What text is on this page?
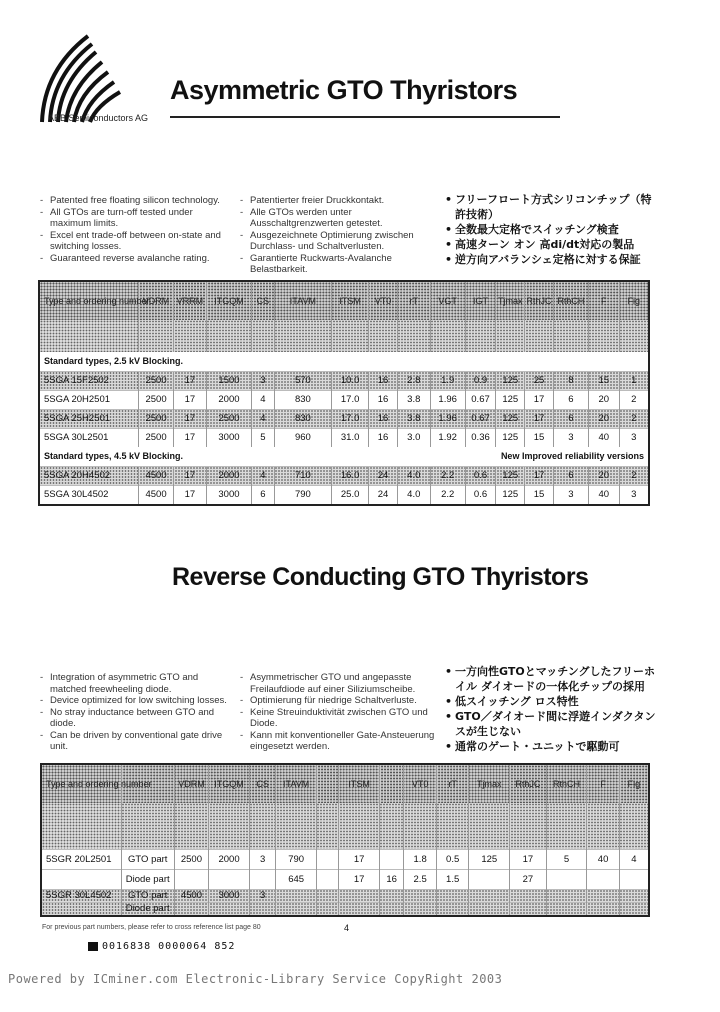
ABB Semiconductors AG
Asymmetric GTO Thyristors
- Patented free floating silicon technology.
- All GTOs are turn-off tested under maximum limits.
- Excel ent trade-off between on-state and switching losses.
- Guaranteed reverse avalanche rating.
- Patentierter freier Druckkontakt.
- Alle GTOs werden unter Ausschaltgrenzwerten getestet.
- Ausgezeichnete Optimierung zwischen Durchlass- und Schaltverlusten.
- Garantierte Ruckwarts-Avalanche Belastbarkeit.
• フリーフロート方式シリコンチップ（特許技術）
• 全数最大定格でスイッチング検査
• 高速ターン オン 高di/dt対応の製品
• 逆方向アバランシェ定格に対する保証
Type and ordering number	VDRM	VRRM	ITGQM	CS	ITAVM	ITSM	VT0	rT	VGT	IGT	Tjmax	RthJC	RthCH	F	Fig

Standard types, 2.5 kV Blocking.															
5SGA 15F2502	2500	17	1500	3	570	10.0	16	2.8	1.9	0.9	125	25	8	15	1
5SGA 20H2501	2500	17	2000	4	830	17.0	16	3.8	1.96	0.67	125	17	6	20	2
5SGA 25H2501	2500	17	2500	4	830	17.0	16	3.8	1.96	0.67	125	17	6	20	2
5SGA 30L2501	2500	17	3000	5	960	31.0	16	3.0	1.92	0.36	125	15	3	40	3
Standard types, 4.5 kV Blocking.								New Improved reliability versions							
5SGA 20H4502	4500	17	2000	4	710	16.0	24	4.0	2.2	0.6	125	17	6	20	2
5SGA 30L4502	4500	17	3000	6	790	25.0	24	4.0	2.2	0.6	125	15	3	40	3
Reverse Conducting GTO Thyristors
- Integration of asymmetric GTO and matched freewheeling diode.
- Device optimized for low switching losses.
- No stray inductance between GTO and diode.
- Can be driven by conventional gate drive unit.
- Asymmetrischer GTO und angepasste Freilaufdiode auf einer Siliziumscheibe.
- Optimierung für niedrige Schaltverluste.
- Keine Streuinduktivität zwischen GTO und Diode.
- Kann mit konventioneller Gate-Ansteuerung eingesetzt werden.
• 一方向性GTOとマッチングしたフリーホイル ダイオードの一体化チップの採用
• 低スイッチング ロス特性
• GTO／ダイオード間に浮遊インダクタンスが生じない
• 通常のゲート・ユニットで駆動可
Type and ordering number		VDRM	ITGQM	CS	ITAVM		ITSM		VT0	rT	Tjmax	RthJC	RthCH	F	Fig

5SGR 20L2501	GTO part	2500	2000	3	790		17		1.8	0.5	125	17	5	40	4
	Diode part				645		17	16	2.5	1.5		27			
5SGR 30L4502	GTO part	4500	3000	3											
	Diode part														
For previous part numbers, please refer to cross reference list page 80	4
0016838 0000064 852
Powered by ICminer.com Electronic-Library Service CopyRight 2003
